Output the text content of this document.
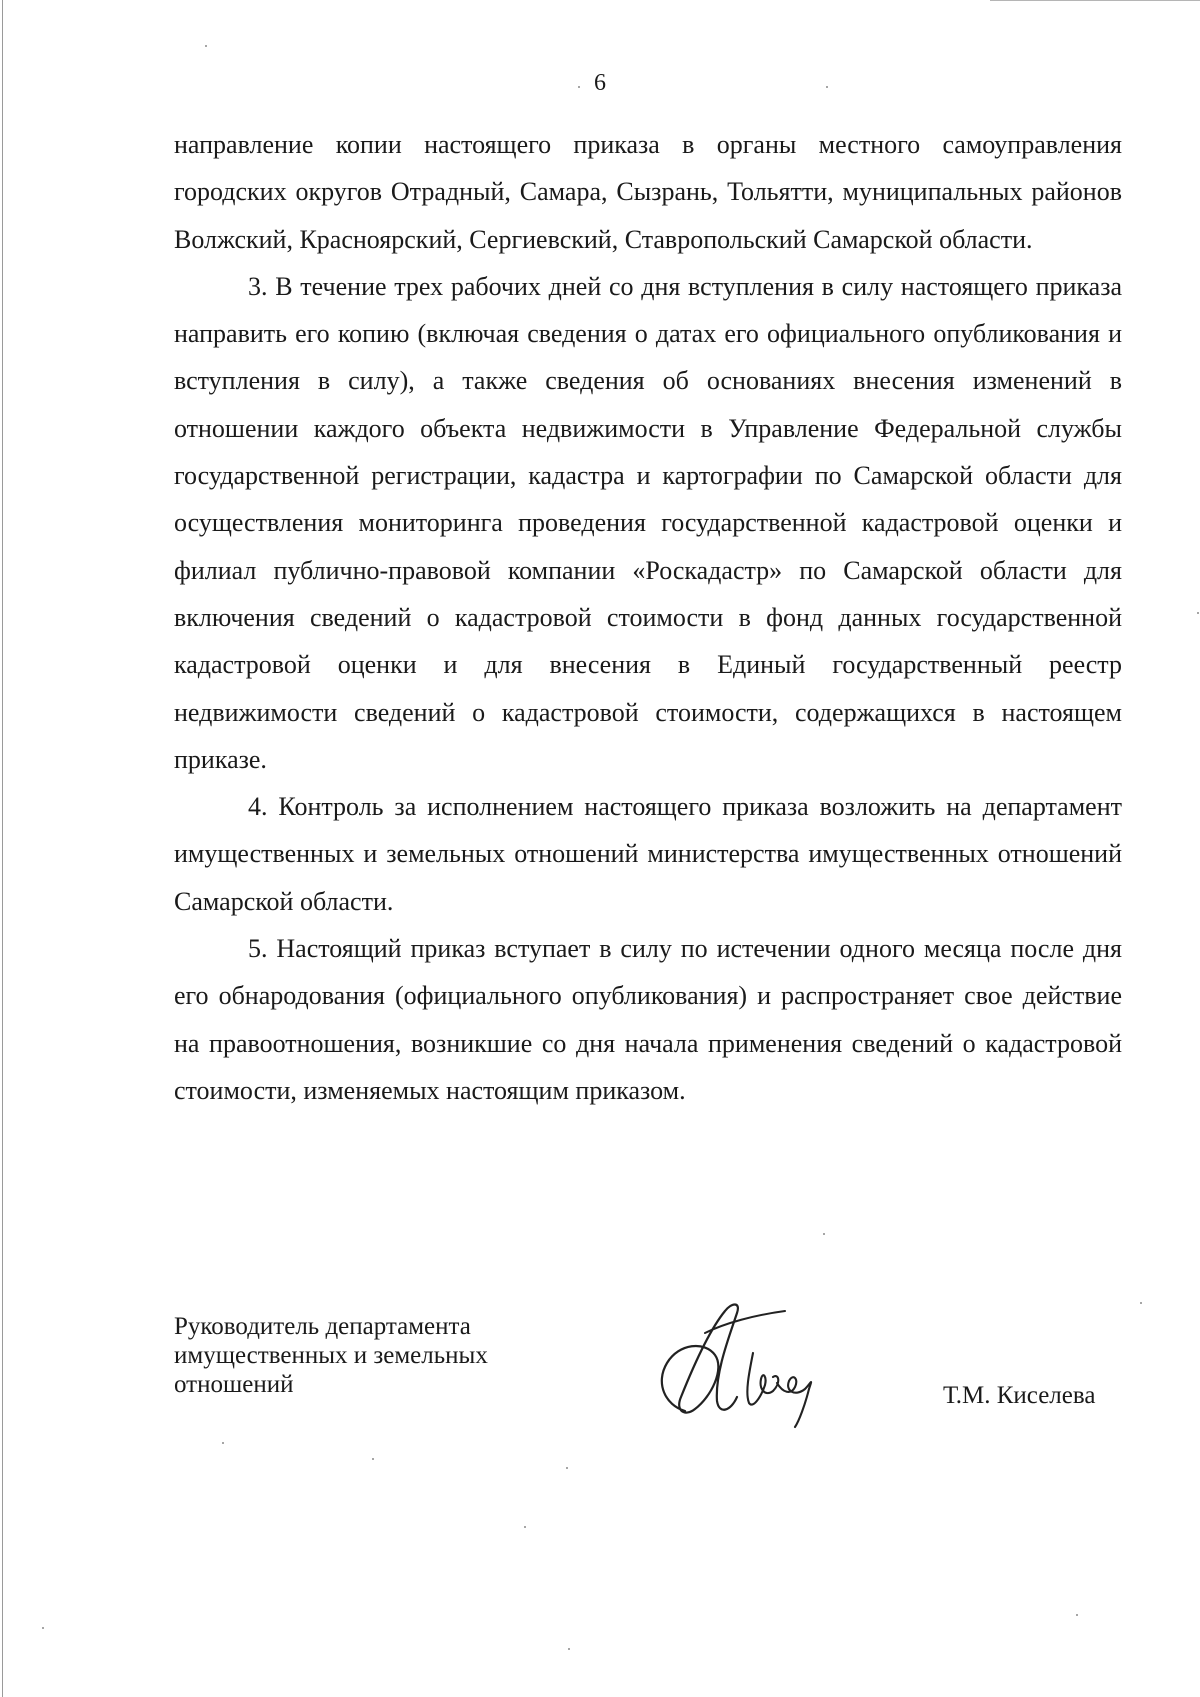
6

направление копии настоящего приказа в органы местного самоуправления городских округов Отрадный, Самара, Сызрань, Тольятти, муниципальных районов Волжский, Красноярский, Сергиевский, Ставропольский Самарской области.

3. В течение трех рабочих дней со дня вступления в силу настоящего приказа направить его копию (включая сведения о датах его официального опубликования и вступления в силу), а также сведения об основаниях внесения изменений в отношении каждого объекта недвижимости в Управление Федеральной службы государственной регистрации, кадастра и картографии по Самарской области для осуществления мониторинга проведения государственной кадастровой оценки и филиал публично-правовой компании «Роскадастр» по Самарской области для включения сведений о кадастровой стоимости в фонд данных государственной кадастровой оценки и для внесения в Единый государственный реестр недвижимости сведений о кадастровой стоимости, содержащихся в настоящем приказе.

4. Контроль за исполнением настоящего приказа возложить на департамент имущественных и земельных отношений министерства имущественных отношений Самарской области.

5. Настоящий приказ вступает в силу по истечении одного месяца после дня его обнародования (официального опубликования) и распространяет свое действие на правоотношения, возникшие со дня начала применения сведений о кадастровой стоимости, изменяемых настоящим приказом.

Руководитель департамента
имущественных и земельных
отношений	Т.М. Киселева
